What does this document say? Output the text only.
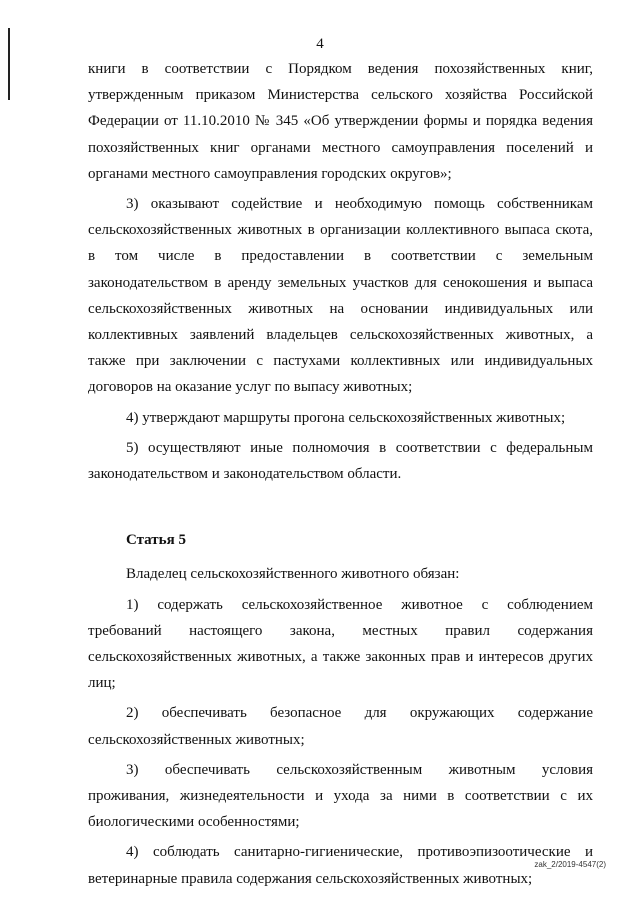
4
книги в соответствии с Порядком ведения похозяйственных книг,
утвержденным приказом Министерства сельского хозяйства Российской
Федерации от 11.10.2010 № 345 «Об утверждении формы и порядка ведения
похозяйственных книг органами местного самоуправления поселений и
органами местного самоуправления городских округов»;
3) оказывают содействие и необходимую помощь собственникам
сельскохозяйственных животных в организации коллективного выпаса скота,
в том числе в предоставлении в соответствии с земельным
законодательством в аренду земельных участков для сенокошения и выпаса
сельскохозяйственных животных на основании индивидуальных или
коллективных заявлений владельцев сельскохозяйственных животных, а
также при заключении с пастухами коллективных или индивидуальных
договоров на оказание услуг по выпасу животных;
4) утверждают маршруты прогона сельскохозяйственных животных;
5) осуществляют иные полномочия в соответствии с федеральным
законодательством и законодательством области.
Статья 5
Владелец сельскохозяйственного животного обязан:
1) содержать сельскохозяйственное животное с соблюдением
требований настоящего закона, местных правил содержания
сельскохозяйственных животных, а также законных прав и интересов других
лиц;
2) обеспечивать безопасное для окружающих содержание
сельскохозяйственных животных;
3) обеспечивать сельскохозяйственным животным условия
проживания, жизнедеятельности и ухода за ними в соответствии с их
биологическими особенностями;
4) соблюдать санитарно-гигиенические, противоэпизоотические и
ветеринарные правила содержания сельскохозяйственных животных;
zak_2/2019-4547(2)
